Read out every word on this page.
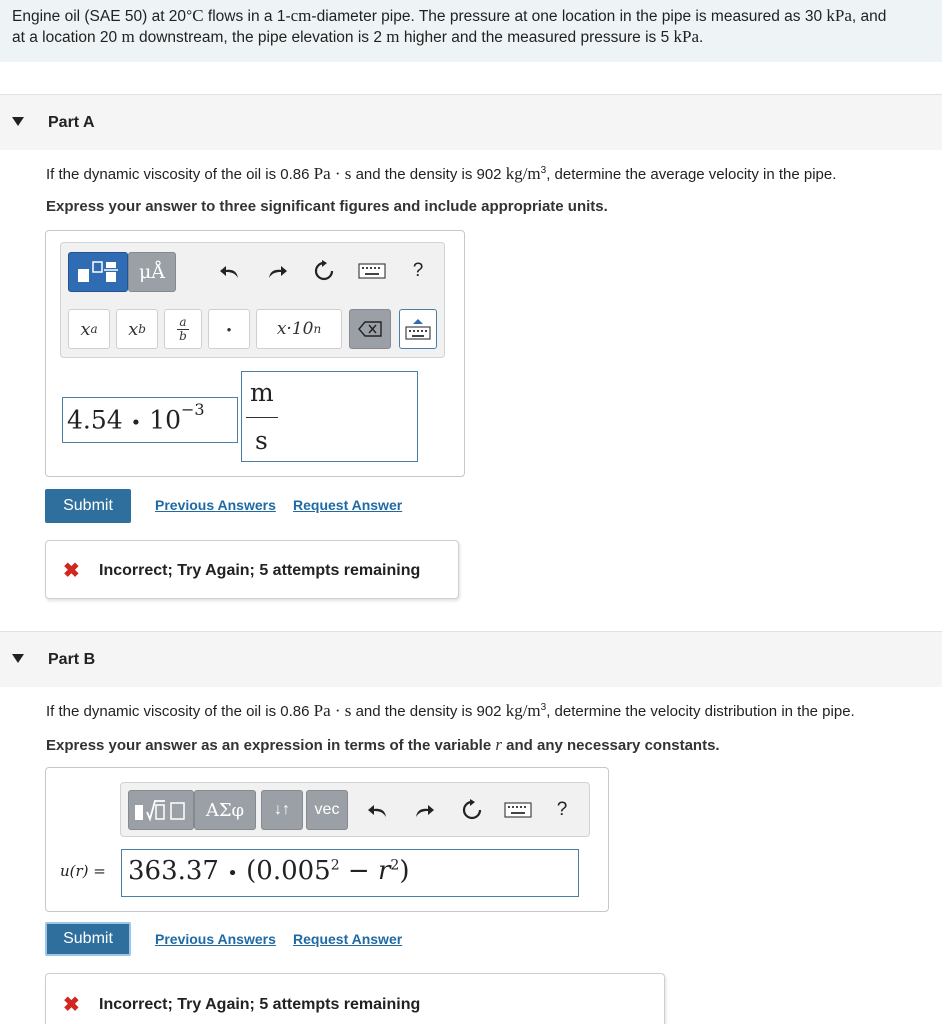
Engine oil (SAE 50) at 20°C flows in a 1-cm-diameter pipe. The pressure at one location in the pipe is measured as 30 kPa, and
at a location 20 m downstream, the pipe elevation is 2 m higher and the measured pressure is 5 kPa.
Part A
If the dynamic viscosity of the oil is 0.86 Pa · s and the density is 902 $kg/m^3$, determine the average velocity in the pipe.
Express your answer to three significant figures and include appropriate units.
μÅ	?
x a x b
a
b	•	x·10 n
4.54 • $10^{-3}$
m
s
Submit	Previous Answers Request Answer
✖ Incorrect; Try Again; 5 attempts remaining
Part B
If the dynamic viscosity of the oil is 0.86 Pa · s and the density is 902 $kg/m^3$, determine the velocity distribution in the pipe.
Express your answer as an expression in terms of the variable r and any necessary constants.
ΑΣφ	↓↑	vec	?
u(r) = 363.37 • $(0.005^2 - r^2)$
Submit	Previous Answers Request Answer
✖ Incorrect; Try Again; 5 attempts remaining
